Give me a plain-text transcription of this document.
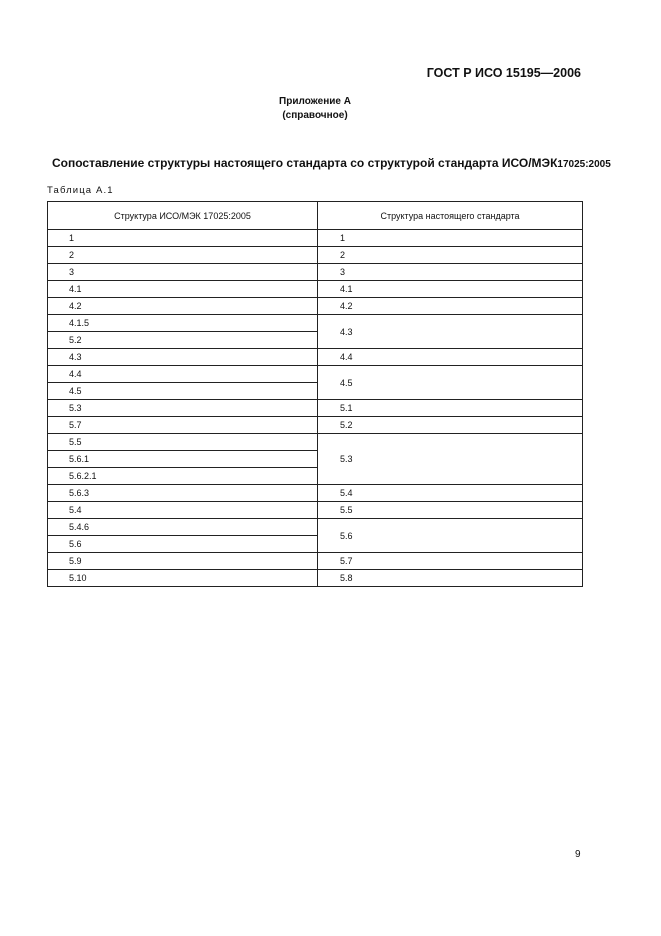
ГОСТ Р ИСО 15195—2006
Приложение А
(справочное)
Сопоставление структуры настоящего стандарта со структурой стандарта ИСО/МЭК17025:2005
Таблица А.1
Структура ИСО/МЭК 17025:2005	Структура настоящего стандарта
1	1
2	2
3	3
4.1	4.1
4.2	4.2
4.1.5	4.3
5.2	
4.3	4.4
4.4	4.5
4.5	
5.3	5.1
5.7	5.2
5.5	5.3
5.6.1	
5.6.2.1	
5.6.3	5.4
5.4	5.5
5.4.6	5.6
5.6	
5.9	5.7
5.10	5.8
9
